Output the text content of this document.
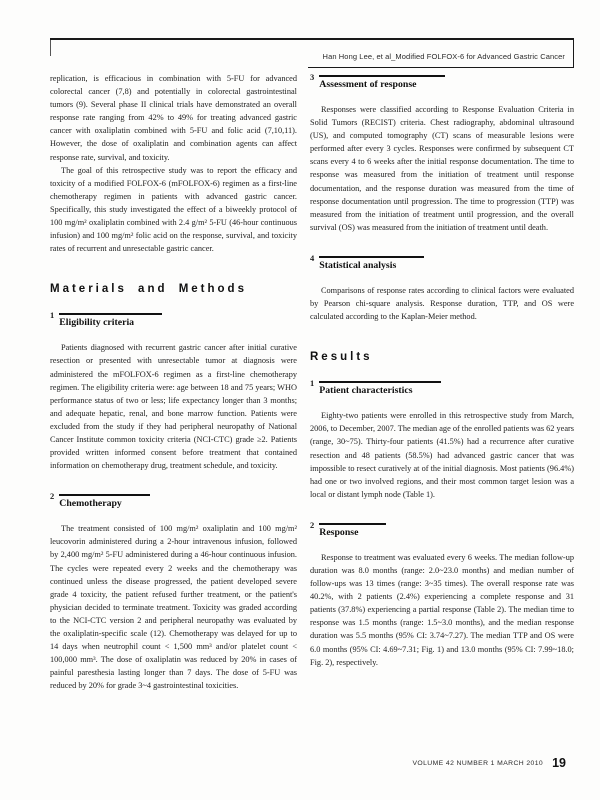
Han Hong Lee, et al_Modified FOLFOX-6 for Advanced Gastric Cancer

replication, is efficacious in combination with 5-FU for advanced colorectal cancer (7,8) and potentially in colorectal gastrointestinal tumors (9). Several phase II clinical trials have demonstrated an overall response rate ranging from 42% to 49% for treating advanced gastric cancer with oxaliplatin combined with 5-FU and folic acid (7,10,11). However, the dose of oxaliplatin and combination agents can affect response rate, survival, and toxicity.

The goal of this retrospective study was to report the efficacy and toxicity of a modified FOLFOX-6 (mFOLFOX-6) regimen as a first-line chemotherapy regimen in patients with advanced gastric cancer. Specifically, this study investigated the effect of a biweekly protocol of 100 mg/m² oxaliplatin combined with 2.4 g/m² 5-FU (46-hour continuous infusion) and 100 mg/m² folic acid on the response, survival, and toxicity rates of recurrent and unresectable gastric cancer.

Materials and Methods
1Eligibility criteria

Patients diagnosed with recurrent gastric cancer after initial curative resection or presented with unresectable tumor at diagnosis were administered the mFOLFOX-6 regimen as a first-line chemotherapy regimen. The eligibility criteria were: age between 18 and 75 years; WHO performance status of two or less; life expectancy longer than 3 months; and adequate hepatic, renal, and bone marrow function. Patients were excluded from the study if they had peripheral neuropathy of National Cancer Institute common toxicity criteria (NCI-CTC) grade ≥2. Patients provided written informed consent before treatment that contained information on chemotherapy drug, treatment schedule, and toxicity.

2Chemotherapy

The treatment consisted of 100 mg/m² oxaliplatin and 100 mg/m² leucovorin administered during a 2-hour intravenous infusion, followed by 2,400 mg/m² 5-FU administered during a 46-hour continuous infusion. The cycles were repeated every 2 weeks and the chemotherapy was continued unless the disease progressed, the patient developed severe grade 4 toxicity, the patient refused further treatment, or the patient's physician decided to terminate treatment. Toxicity was graded according to the NCI-CTC version 2 and peripheral neuropathy was evaluated by the oxaliplatin-specific scale (12). Chemotherapy was delayed for up to 14 days when neutrophil count < 1,500 mm³ and/or platelet count < 100,000 mm³. The dose of oxaliplatin was reduced by 20% in cases of painful paresthesia lasting longer than 7 days. The dose of 5-FU was reduced by 20% for grade 3~4 gastrointestinal toxicities.

3Assessment of response

Responses were classified according to Response Evaluation Criteria in Solid Tumors (RECIST) criteria. Chest radiography, abdominal ultrasound (US), and computed tomography (CT) scans of measurable lesions were performed after every 3 cycles. Responses were confirmed by subsequent CT scans every 4 to 6 weeks after the initial response documentation. The time to response was measured from the initiation of treatment until response documentation, and the response duration was measured from the time of response documentation until progression. The time to progression (TTP) was measured from the initiation of treatment until progression, and the overall survival (OS) was measured from the initiation of treatment until death.

4Statistical analysis

Comparisons of response rates according to clinical factors were evaluated by Pearson chi-square analysis. Response duration, TTP, and OS were calculated according to the Kaplan-Meier method.

Results
1Patient characteristics

Eighty-two patients were enrolled in this retrospective study from March, 2006, to December, 2007. The median age of the enrolled patients was 62 years (range, 30~75). Thirty-four patients (41.5%) had a recurrence after curative resection and 48 patients (58.5%) had advanced gastric cancer that was impossible to resect curatively at of the initial diagnosis. Most patients (96.4%) had one or two involved regions, and their most common target lesion was a local or distant lymph node (Table 1).

2Response

Response to treatment was evaluated every 6 weeks. The median follow-up duration was 8.0 months (range: 2.0~23.0 months) and median number of follow-ups was 13 times (range: 3~35 times). The overall response rate was 40.2%, with 2 patients (2.4%) experiencing a complete response and 31 patients (37.8%) experiencing a partial response (Table 2). The median time to response was 1.5 months (range: 1.5~3.0 months), and the median response duration was 5.5 months (95% CI: 3.74~7.27). The median TTP and OS were 6.0 months (95% CI: 4.69~7.31; Fig. 1) and 13.0 months (95% CI: 7.99~18.0; Fig. 2), respectively.

VOLUME 42 NUMBER 1 MARCH 2010 19
